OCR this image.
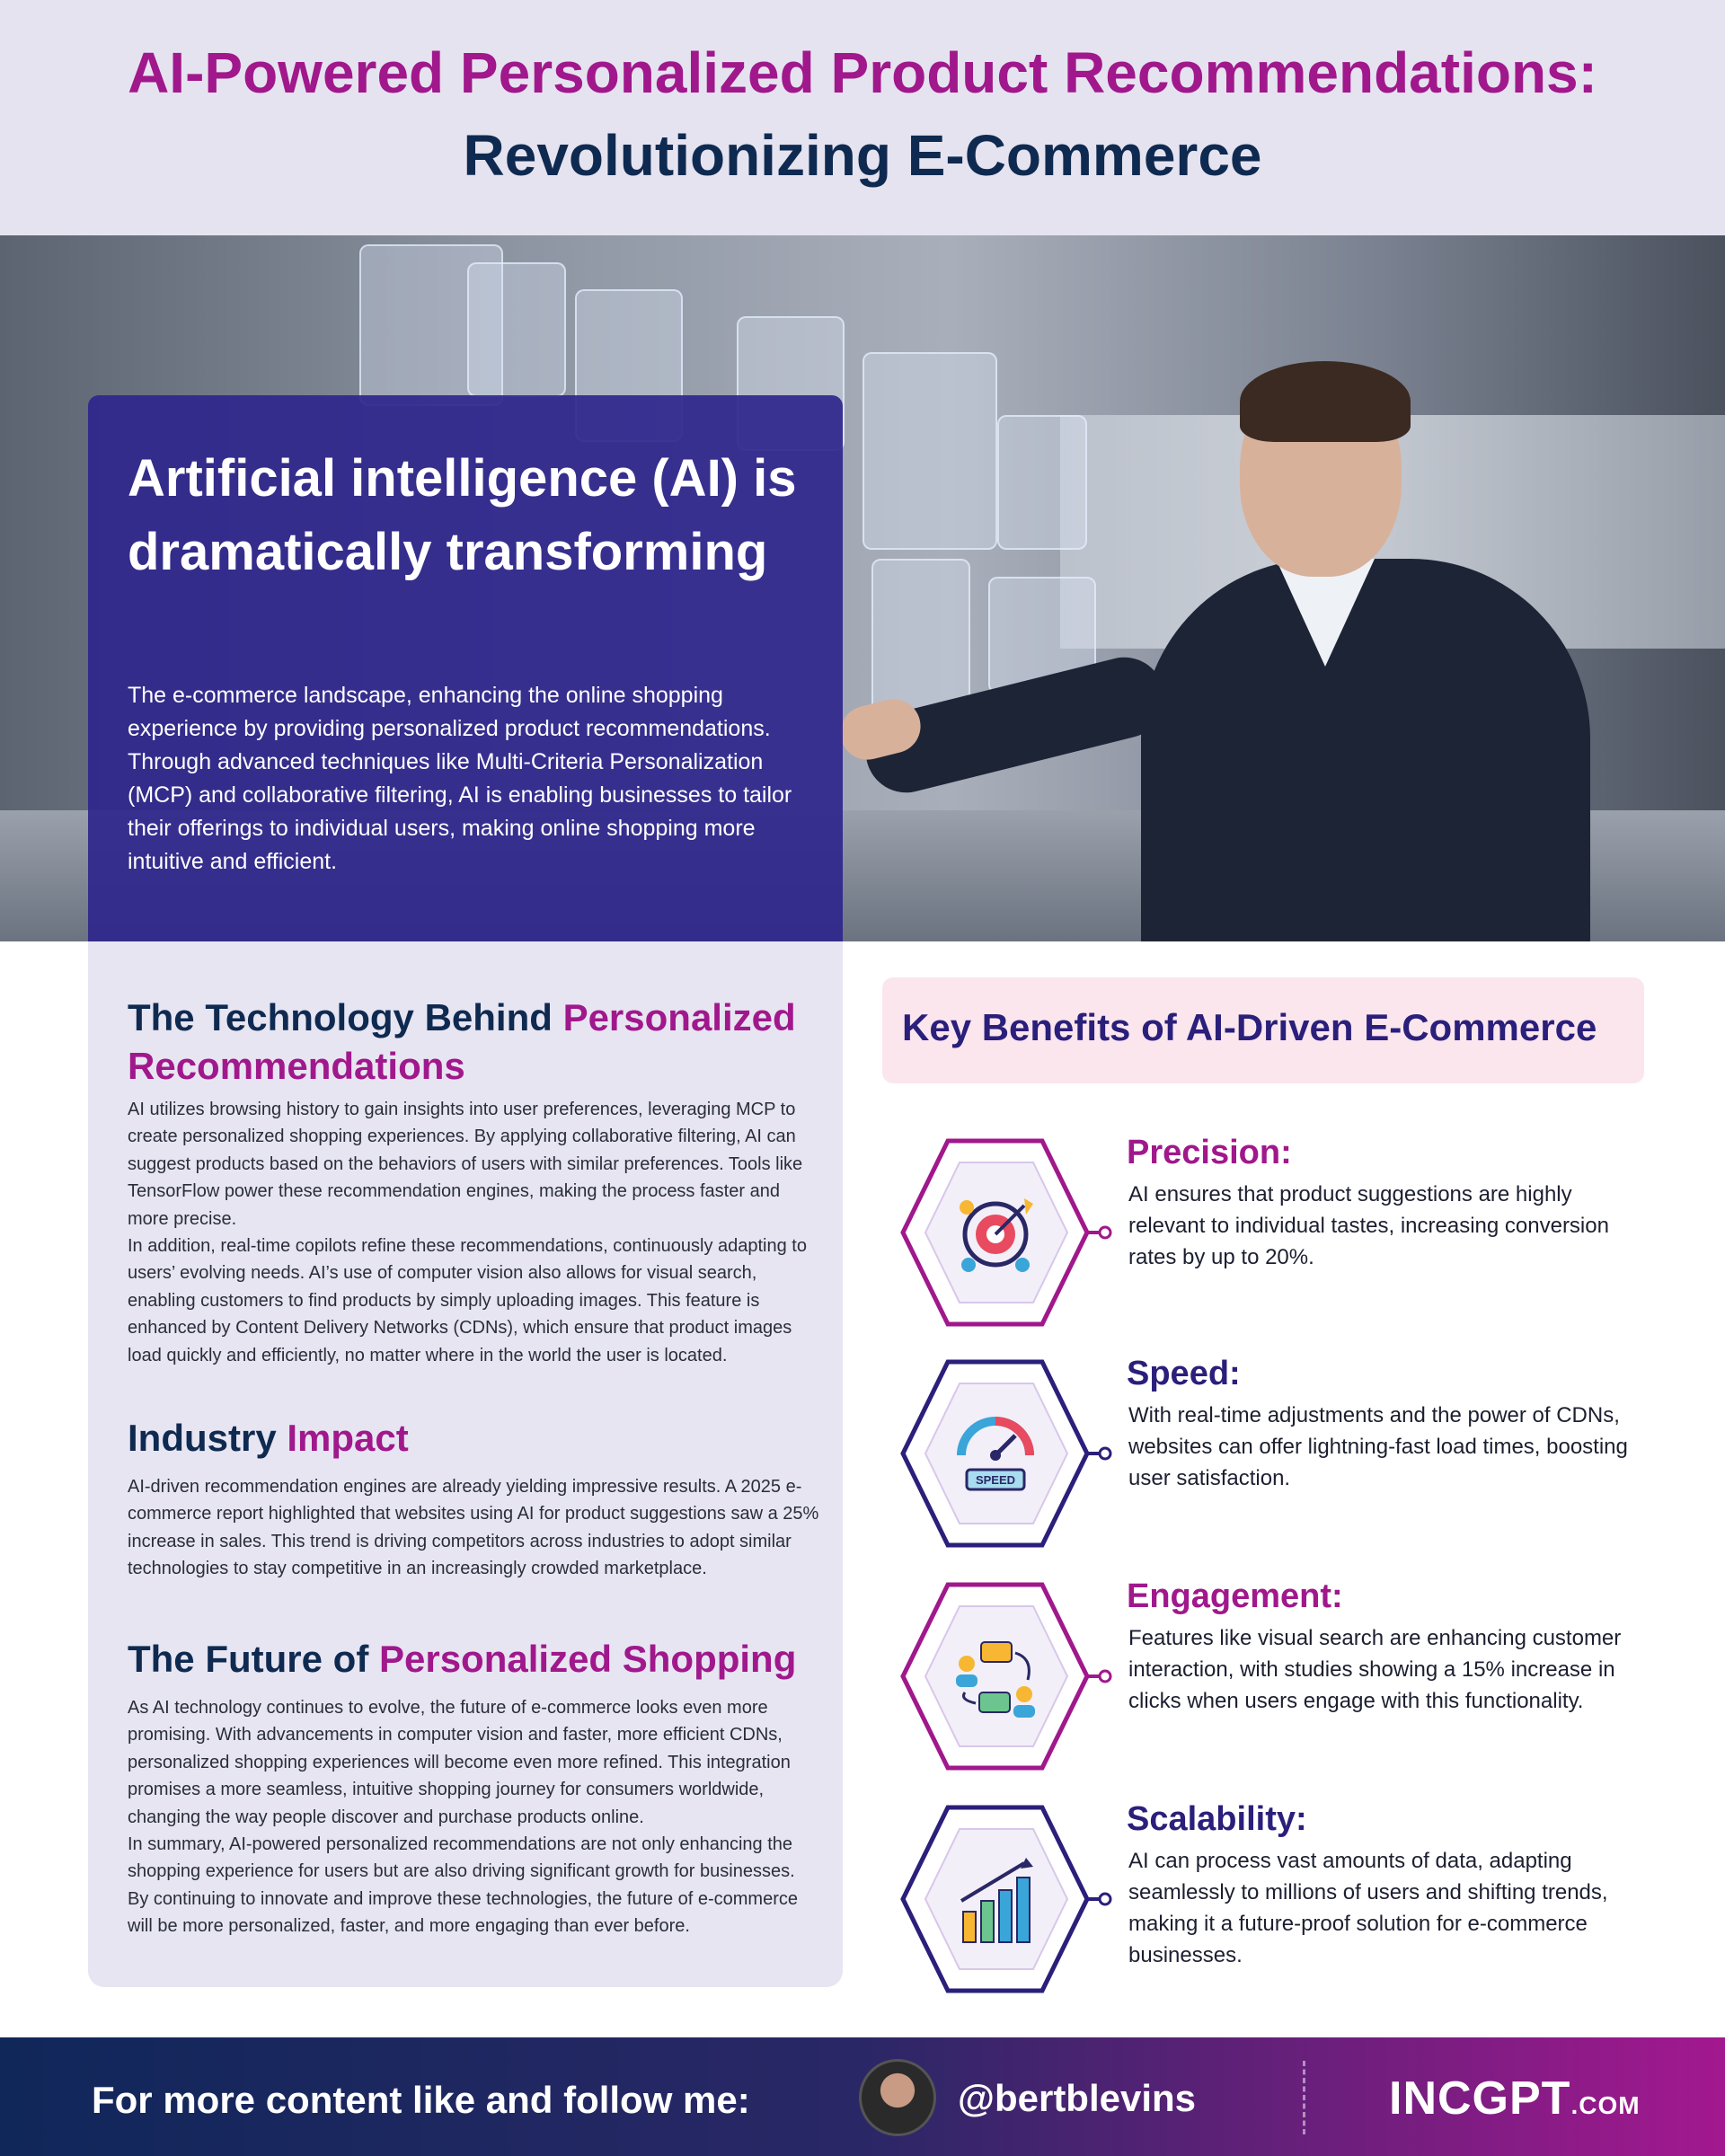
AI-Powered Personalized Product Recommendations:
Revolutionizing E-Commerce
Artificial intelligence (AI) is dramatically transforming
The e-commerce landscape, enhancing the online shopping experience by providing personalized product recommendations. Through advanced techniques like Multi-Criteria Personalization (MCP) and collaborative filtering, AI is enabling businesses to tailor their offerings to individual users, making online shopping more intuitive and efficient.
The Technology Behind Personalized Recommendations
AI utilizes browsing history to gain insights into user preferences, leveraging MCP to create personalized shopping experiences. By applying collaborative filtering, AI can suggest products based on the behaviors of users with similar preferences. Tools like TensorFlow power these recommendation engines, making the process faster and more precise.
In addition, real-time copilots refine these recommendations, continuously adapting to users’ evolving needs. AI’s use of computer vision also allows for visual search, enabling customers to find products by simply uploading images. This feature is enhanced by Content Delivery Networks (CDNs), which ensure that product images load quickly and efficiently, no matter where in the world the user is located.
Industry Impact
AI-driven recommendation engines are already yielding impressive results. A 2025 e-commerce report highlighted that websites using AI for product suggestions saw a 25% increase in sales. This trend is driving competitors across industries to adopt similar technologies to stay competitive in an increasingly crowded marketplace.
The Future of Personalized Shopping
As AI technology continues to evolve, the future of e-commerce looks even more promising. With advancements in computer vision and faster, more efficient CDNs, personalized shopping experiences will become even more refined. This integration promises a more seamless, intuitive shopping journey for consumers worldwide, changing the way people discover and purchase products online.
In summary, AI-powered personalized recommendations are not only enhancing the shopping experience for users but are also driving significant growth for businesses. By continuing to innovate and improve these technologies, the future of e-commerce will be more personalized, faster, and more engaging than ever before.
Key Benefits of AI-Driven E-Commerce
Precision:
AI ensures that product suggestions are highly relevant to individual tastes, increasing conversion rates by up to 20%.
SPEED
Speed:
With real-time adjustments and the power of CDNs, websites can offer lightning-fast load times, boosting user satisfaction.
Engagement:
Features like visual search are enhancing customer interaction, with studies showing a 15% increase in clicks when users engage with this functionality.
Scalability:
AI can process vast amounts of data, adapting seamlessly to millions of users and shifting trends, making it a future-proof solution for e-commerce businesses.
For more content like and follow me:	@bertblevins	INCGPT.COM
